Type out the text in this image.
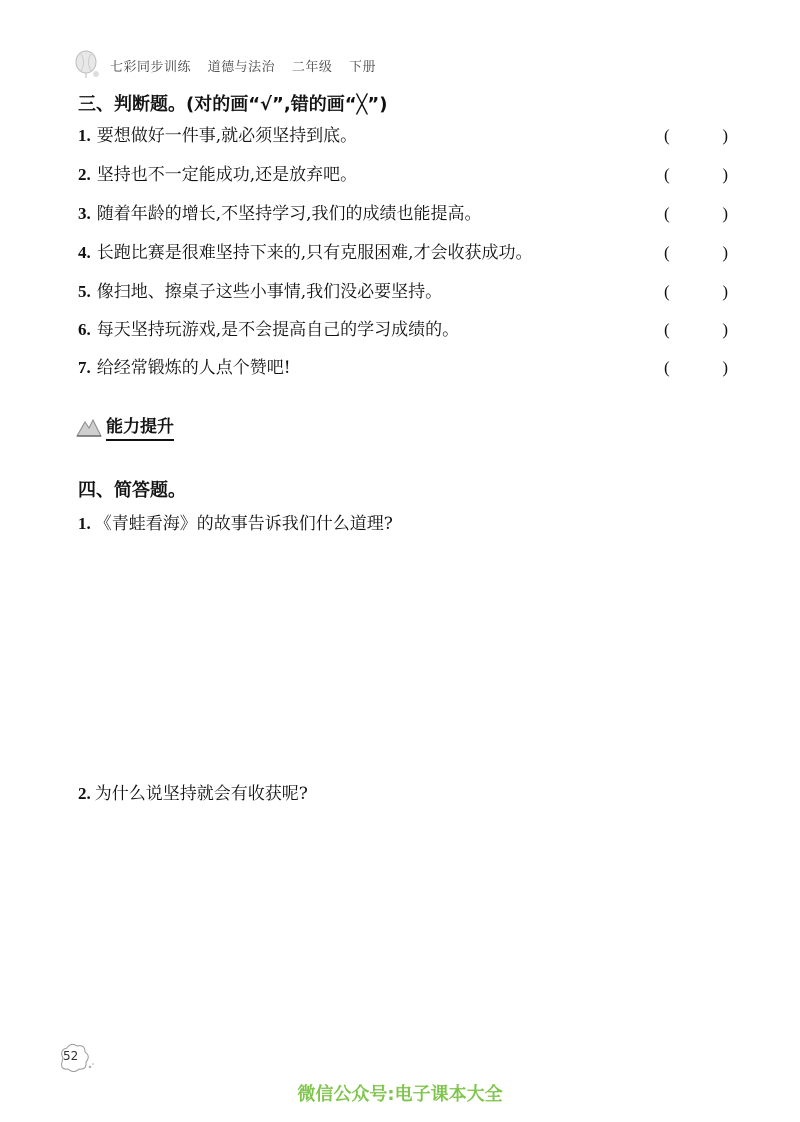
七彩同步训练 道德与法治 二年级 下册
三、判断题。(对的画“√”,错的画“╳”)
1. 要想做好一件事,就必须坚持到底。	(	)
2. 坚持也不一定能成功,还是放弃吧。	(	)
3. 随着年龄的增长,不坚持学习,我们的成绩也能提高。	(	)
4. 长跑比赛是很难坚持下来的,只有克服困难,才会收获成功。	(	)
5. 像扫地、擦桌子这些小事情,我们没必要坚持。	(	)
6. 每天坚持玩游戏,是不会提高自己的学习成绩的。	(	)
7. 给经常锻炼的人点个赞吧!	(	)
能力提升
四、简答题。
1. 《青蛙看海》的故事告诉我们什么道理?
2. 为什么说坚持就会有收获呢?
52
微信公众号:电子课本大全
